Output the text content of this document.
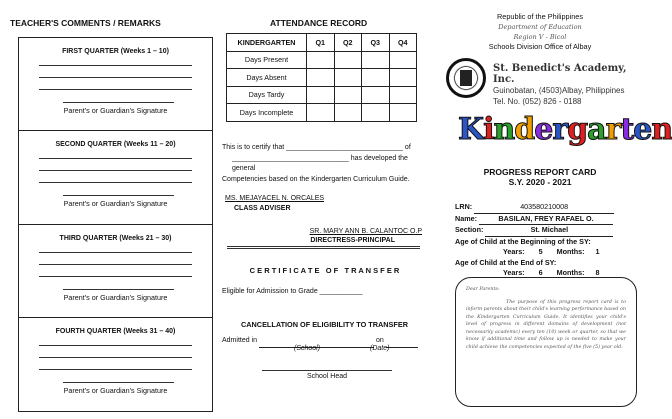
TEACHER'S COMMENTS / REMARKS
FIRST QUARTER (Weeks 1 – 10)
Parent's or Guardian's Signature
SECOND QUARTER (Weeks 11 – 20)
Parent's or Guardian's Signature
THIRD QUARTER (Weeks 21 – 30)
Parent's or Guardian's Signature
FOURTH QUARTER (Weeks 31 – 40)
Parent's or Guardian's Signature
ATTENDANCE RECORD
KINDERGARTEN	Q1	Q2	Q3	Q4
Days Present				
Days Absent				
Days Tardy				
Days Incomplete				
This is to certify that ______________________________ of
______________________________ has developed the general
Competencies based on the Kindergarten Curriculum Guide.
MS. MEJAYACEL N. ORCALES
CLASS ADVISER
SR. MARY ANN B. CALANTOC O.P
DIRECTRESS-PRINCIPAL
C E R T I F I C A T E   O F   T R A N S F E R
Eligible for Admission to Grade ___________
CANCELLATION OF ELIGIBILITY TO TRANSFER
Admitted in	on
(School)	(Date)
School Head
Republic of the Philippines
Department of Education
Region V - Bicol
Schools Division Office of Albay
St. Benedict's Academy, Inc.
Guinobatan, (4503)Albay, Philippines
Tel. No. (052) 826 - 0188
Kindergarten
PROGRESS REPORT CARD
S.Y. 2020 - 2021
LRN:	403580210008
Name:	BASILAN, FREY RAFAEL O.
Section:	St. Michael
Age of Child at the Beginning of the SY:
Years: 5 Months: 1
Age of Child at the End of SY:
Years: 6 Months: 8
Dear Parents:
The purpose of this progress report card is to inform parents about their child's learning performance based on the Kindergarten Curriculum Guide. It identifies your child's level of progress in different domains of development (not necessarily academic) every ten (10) week or quarter, so that we know if additional time and follow up is needed to make your child achieve the competencies expected of the five (5) year old.
